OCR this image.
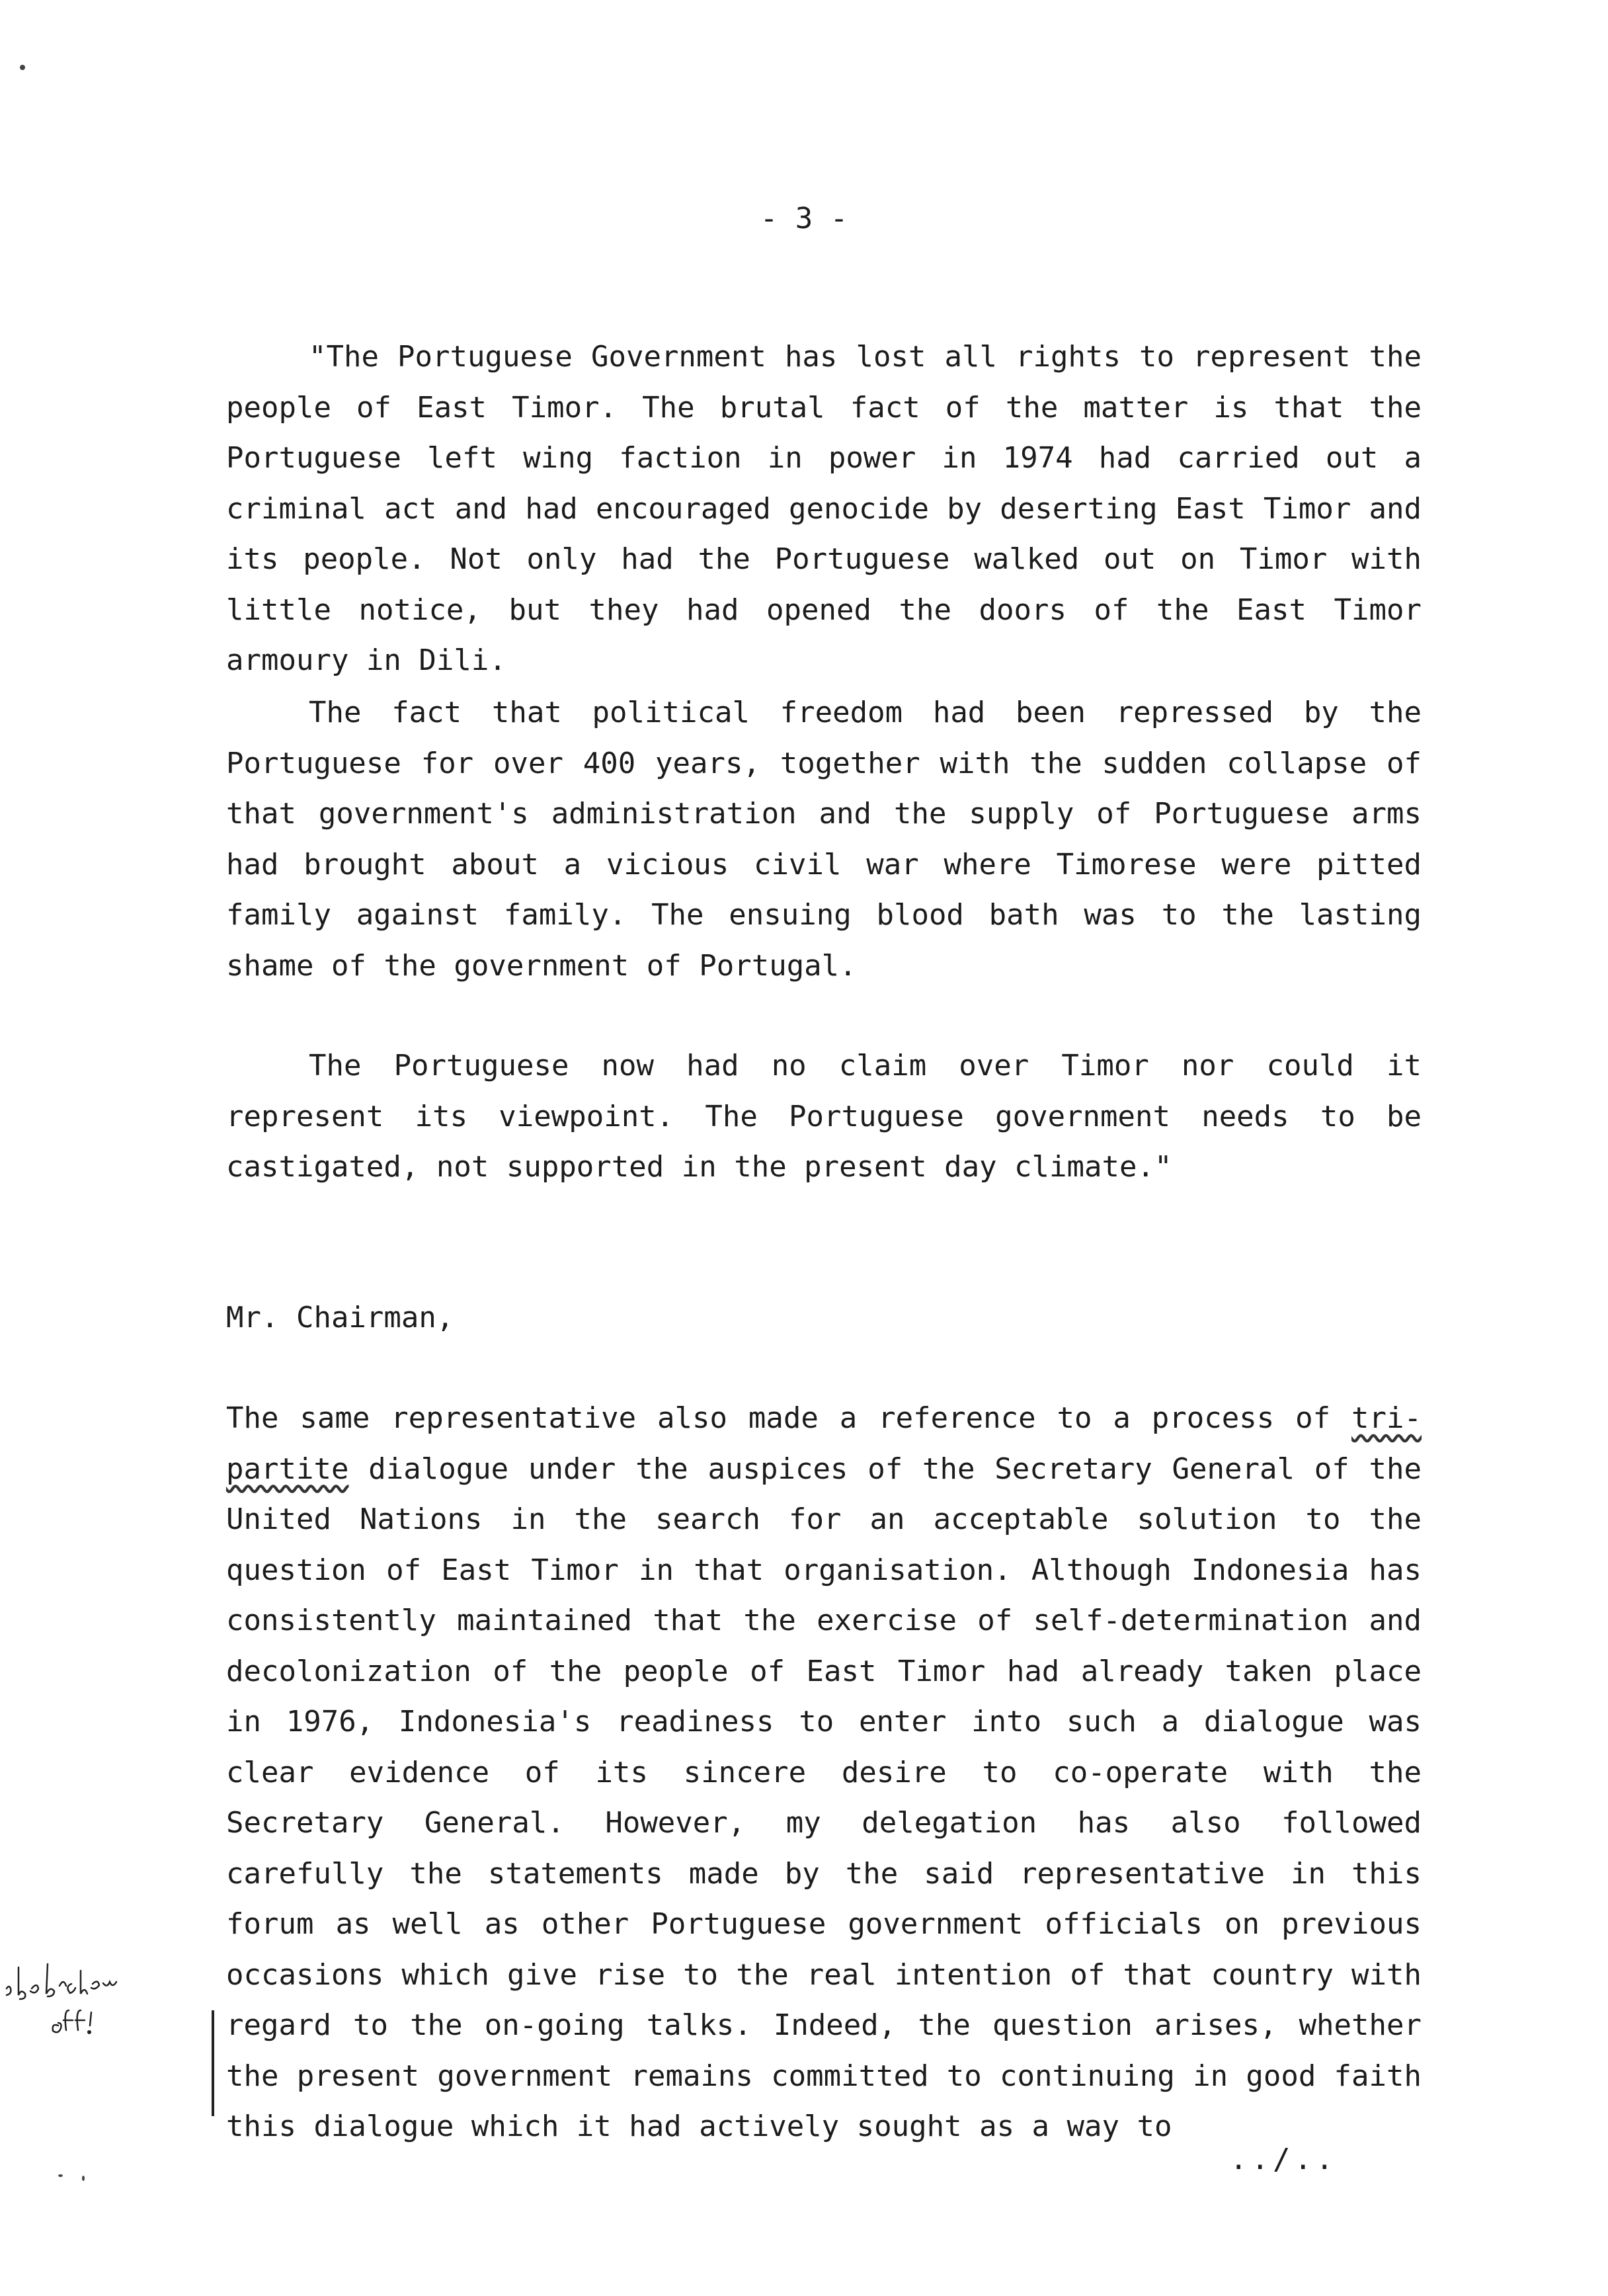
- 3 -

"The Portuguese Government has lost all rights to represent the people of East Timor. The brutal fact of the matter is that the Portuguese left wing faction in power in 1974 had carried out a criminal act and had encouraged genocide by deserting East Timor and its people. Not only had the Portuguese walked out on Timor with little notice, but they had opened the doors of the East Timor armoury in Dili.

The fact that political freedom had been repressed by the Portuguese for over 400 years, together with the sudden collapse of that government's administration and the supply of Portuguese arms had brought about a vicious civil war where Timorese were pitted family against family. The ensuing blood bath was to the lasting shame of the government of Portugal.

The Portuguese now had no claim over Timor nor could it represent its viewpoint. The Portuguese government needs to be castigated, not supported in the present day climate."

Mr. Chairman,

The same representative also made a reference to a process of tri-partite dialogue under the auspices of the Secretary General of the United Nations in the search for an acceptable solution to the question of East Timor in that organisation. Although Indonesia has consistently maintained that the exercise of self-determination and decolonization of the people of East Timor had already taken place in 1976, Indonesia's readiness to enter into such a dialogue was clear evidence of its sincere desire to co-operate with the Secretary General. However, my delegation has also followed carefully the statements made by the said representative in this forum as well as other Portuguese government officials on previous occasions which give rise to the real intention of that country with regard to the on-going talks. Indeed, the question arises, whether the present government remains committed to continuing in good faith this dialogue which it had actively sought as a way to

../..
